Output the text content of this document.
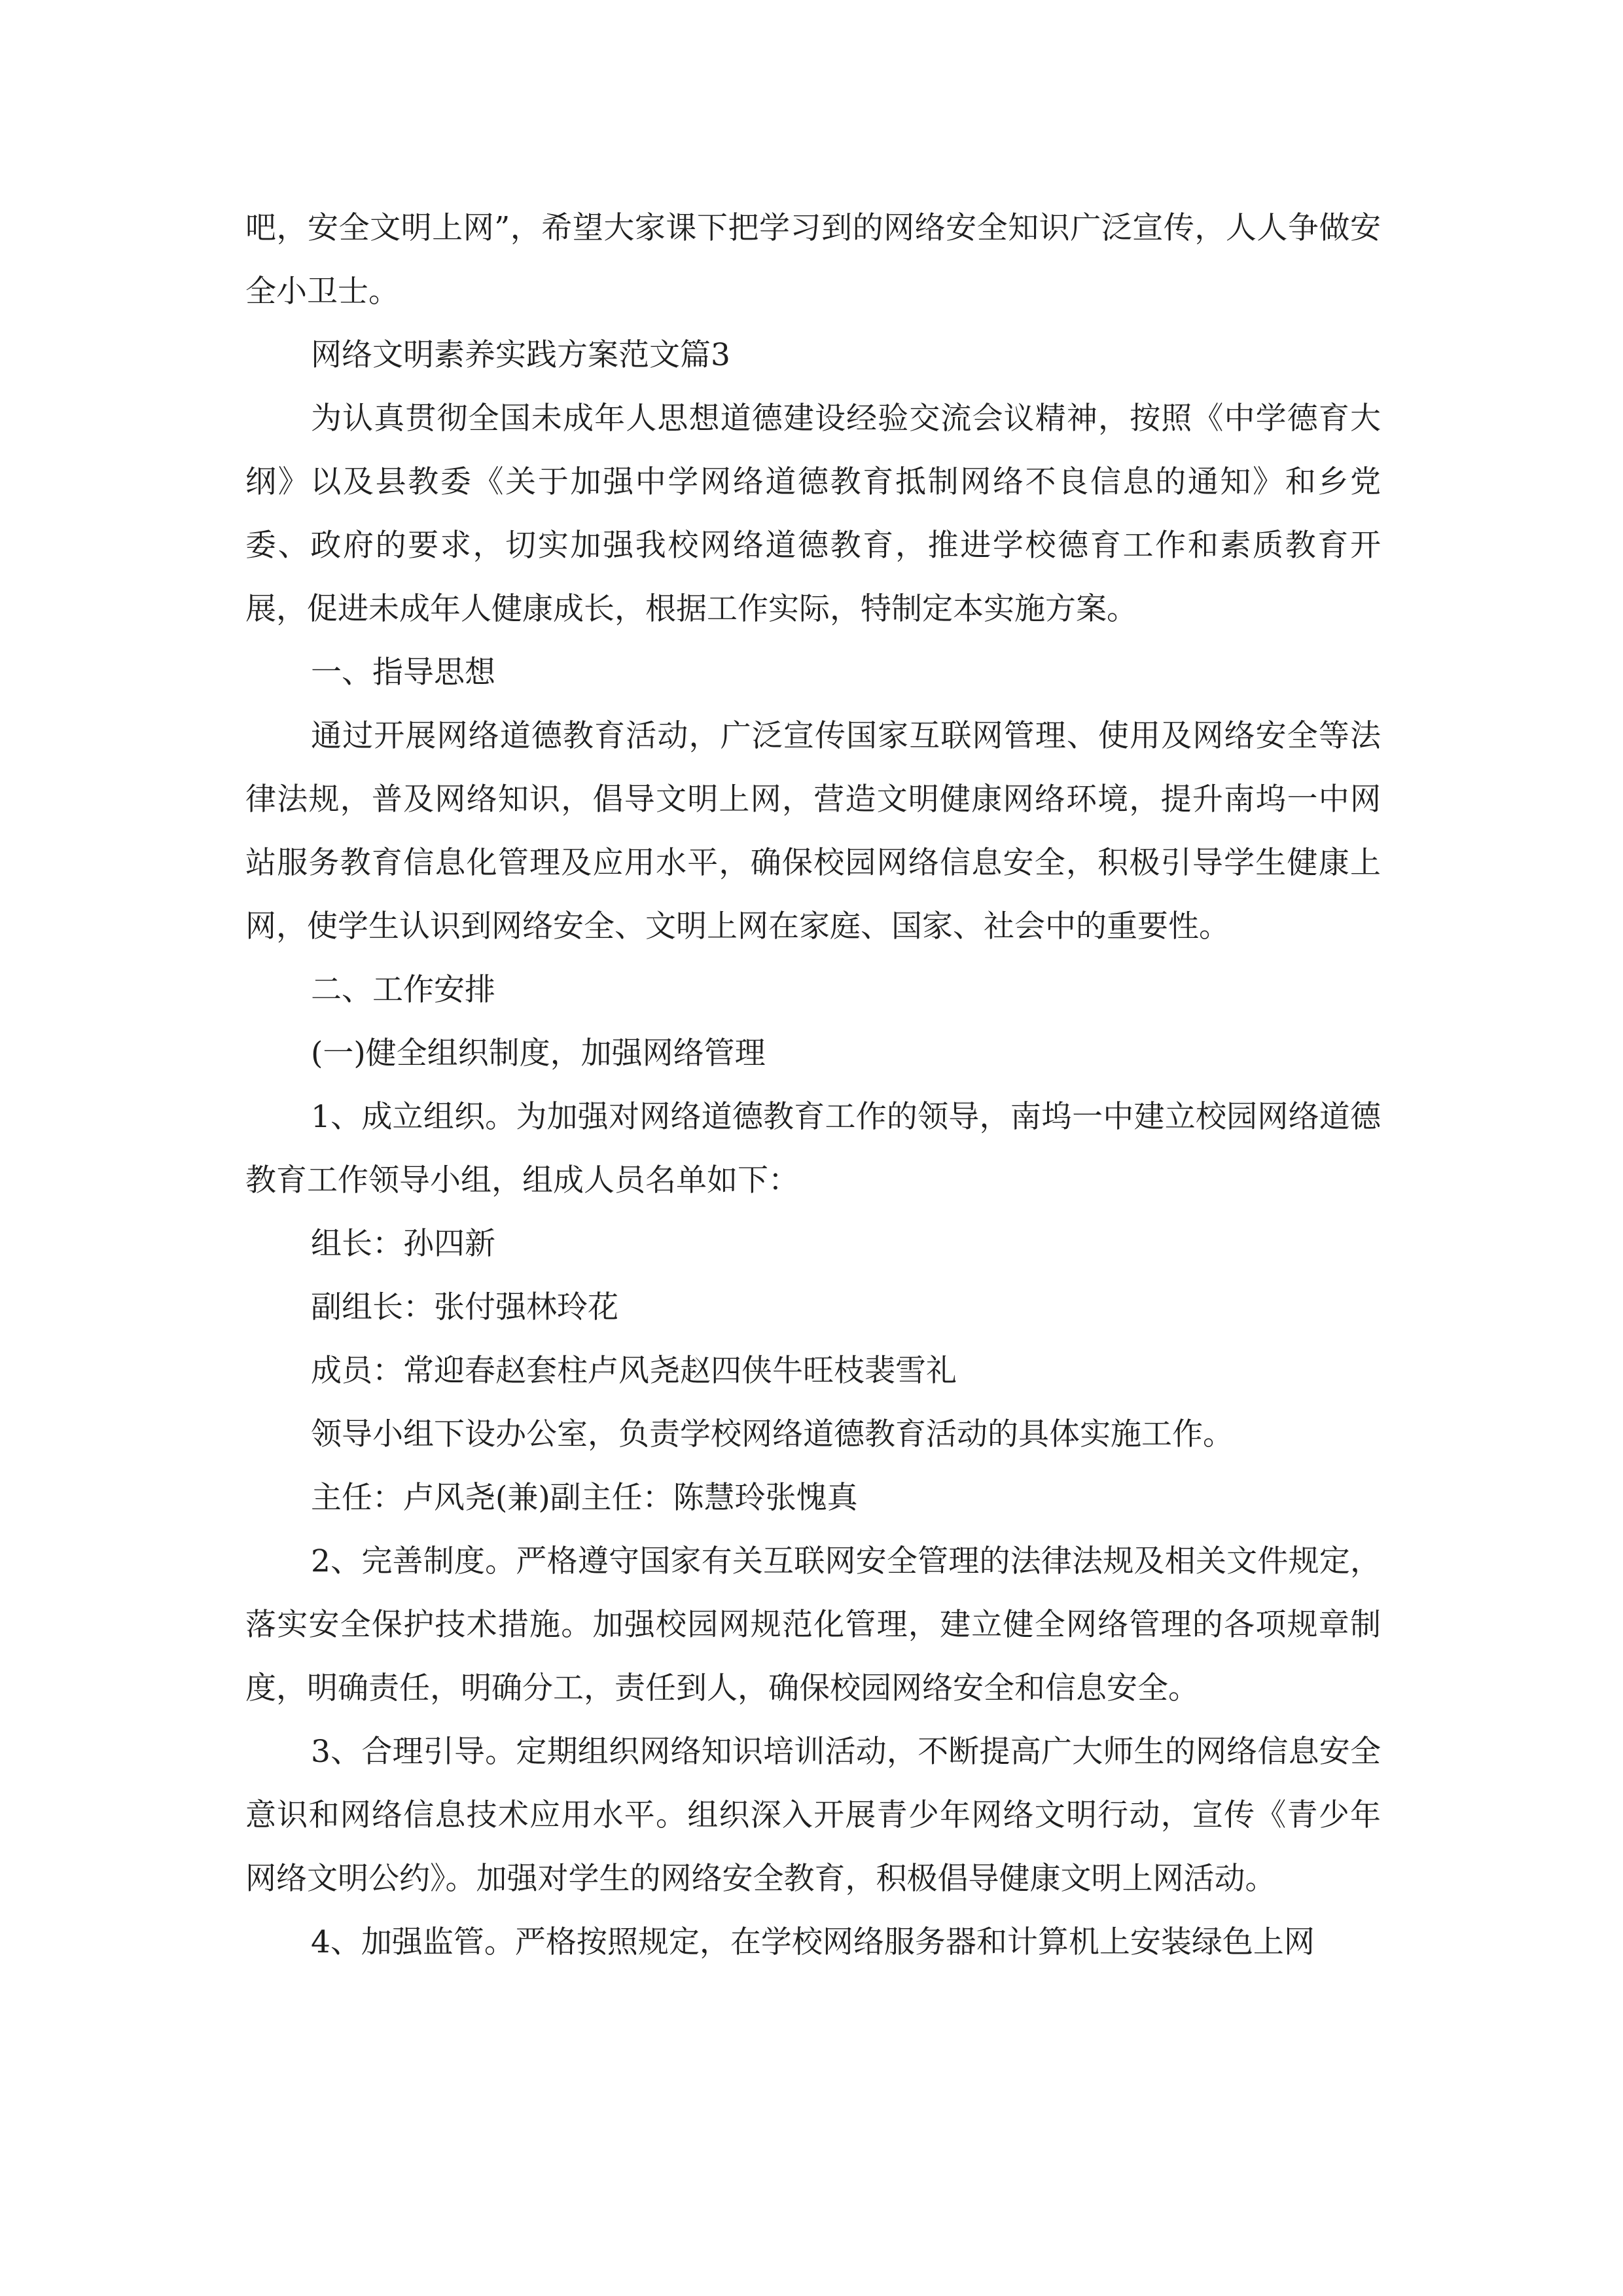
吧，安全文明上网”，希望大家课下把学习到的网络安全知识广泛宣传，人人争做安全小卫士。

网络文明素养实践方案范文篇3

为认真贯彻全国未成年人思想道德建设经验交流会议精神，按照《中学德育大纲》以及县教委《关于加强中学网络道德教育抵制网络不良信息的通知》和乡党委、政府的要求，切实加强我校网络道德教育，推进学校德育工作和素质教育开展，促进未成年人健康成长，根据工作实际，特制定本实施方案。

一、指导思想

通过开展网络道德教育活动，广泛宣传国家互联网管理、使用及网络安全等法律法规，普及网络知识，倡导文明上网，营造文明健康网络环境，提升南坞一中网站服务教育信息化管理及应用水平，确保校园网络信息安全，积极引导学生健康上网，使学生认识到网络安全、文明上网在家庭、国家、社会中的重要性。

二、工作安排

(一)健全组织制度，加强网络管理

1、成立组织。为加强对网络道德教育工作的领导，南坞一中建立校园网络道德教育工作领导小组，组成人员名单如下：

组长：孙四新

副组长：张付强林玲花

成员：常迎春赵套柱卢风尧赵四侠牛旺枝裴雪礼

领导小组下设办公室，负责学校网络道德教育活动的具体实施工作。

主任：卢风尧(兼)副主任：陈慧玲张愧真

2、完善制度。严格遵守国家有关互联网安全管理的法律法规及相关文件规定，落实安全保护技术措施。加强校园网规范化管理，建立健全网络管理的各项规章制度，明确责任，明确分工，责任到人，确保校园网络安全和信息安全。

3、合理引导。定期组织网络知识培训活动，不断提高广大师生的网络信息安全意识和网络信息技术应用水平。组织深入开展青少年网络文明行动，宣传《青少年网络文明公约》。加强对学生的网络安全教育，积极倡导健康文明上网活动。

4、加强监管。严格按照规定，在学校网络服务器和计算机上安装绿色上网
